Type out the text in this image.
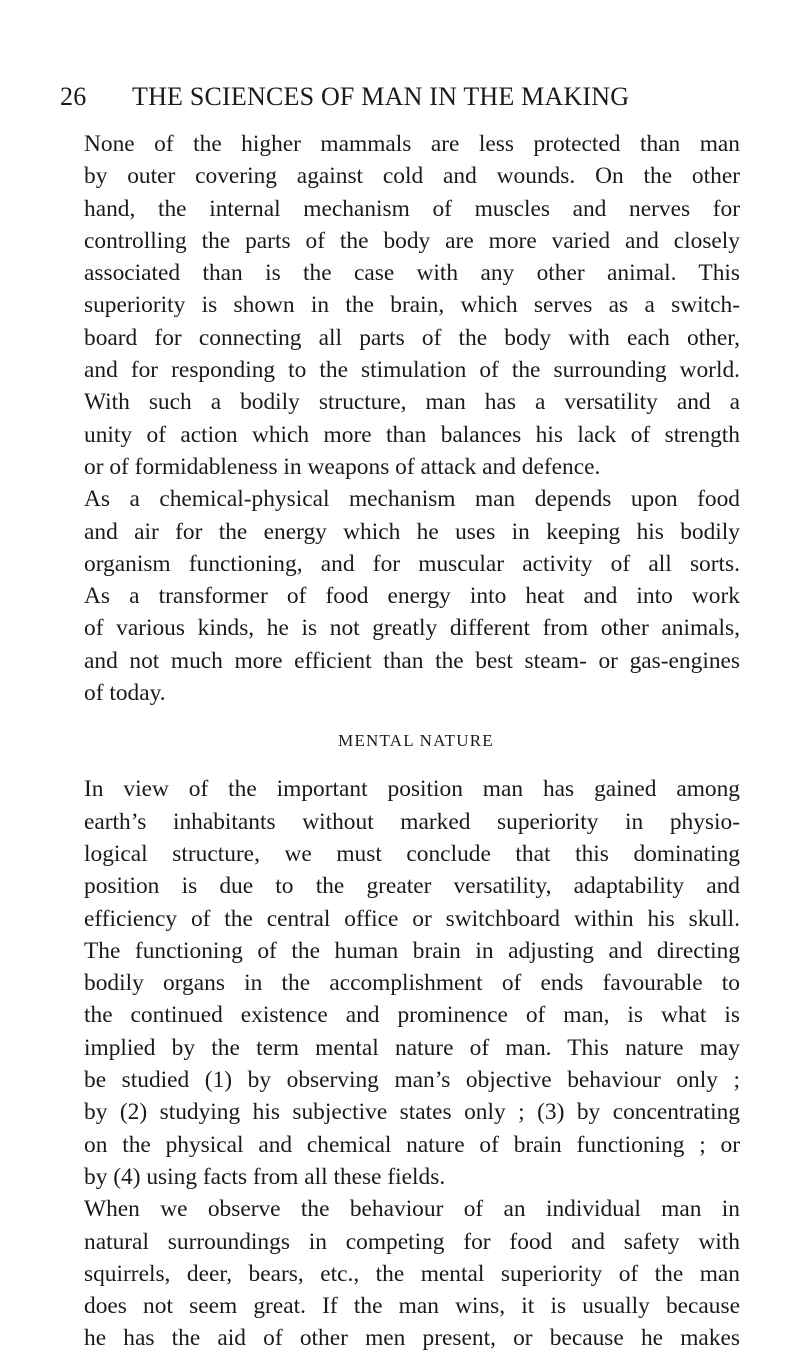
26 THE SCIENCES OF MAN IN THE MAKING
None of the higher mammals are less protected than man
by outer covering against cold and wounds. On the other
hand, the internal mechanism of muscles and nerves for
controlling the parts of the body are more varied and closely
associated than is the case with any other animal. This
superiority is shown in the brain, which serves as a switch-
board for connecting all parts of the body with each other,
and for responding to the stimulation of the surrounding world.
With such a bodily structure, man has a versatility and a
unity of action which more than balances his lack of strength
or of formidableness in weapons of attack and defence.
As a chemical-physical mechanism man depends upon food
and air for the energy which he uses in keeping his bodily
organism functioning, and for muscular activity of all sorts.
As a transformer of food energy into heat and into work
of various kinds, he is not greatly different from other animals,
and not much more efficient than the best steam- or gas-engines
of today.
MENTAL NATURE
In view of the important position man has gained among
earth’s inhabitants without marked superiority in physio-
logical structure, we must conclude that this dominating
position is due to the greater versatility, adaptability and
efficiency of the central office or switchboard within his skull.
The functioning of the human brain in adjusting and directing
bodily organs in the accomplishment of ends favourable to
the continued existence and prominence of man, is what is
implied by the term mental nature of man. This nature may
be studied (1) by observing man’s objective behaviour only ;
by (2) studying his subjective states only ; (3) by concentrating
on the physical and chemical nature of brain functioning ; or
by (4) using facts from all these fields.
When we observe the behaviour of an individual man in
natural surroundings in competing for food and safety with
squirrels, deer, bears, etc., the mental superiority of the man
does not seem great. If the man wins, it is usually because
he has the aid of other men present, or because he makes
